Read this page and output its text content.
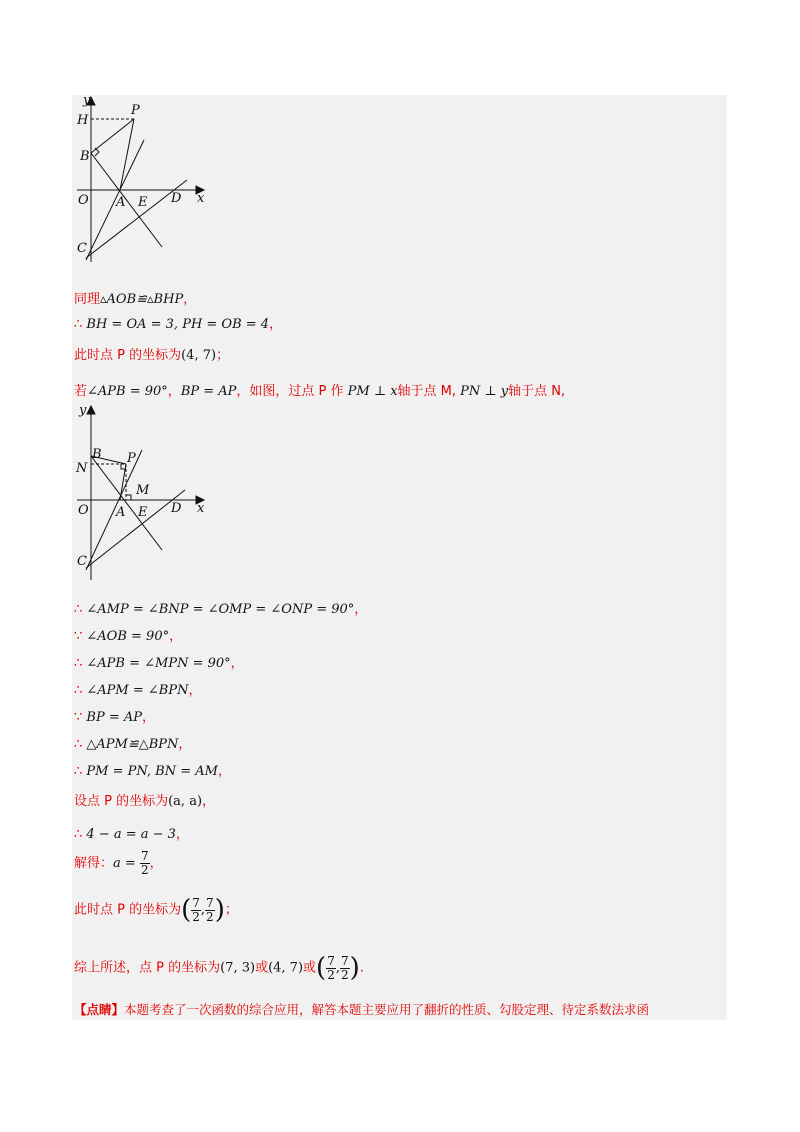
y
x
H
P
B
O A E D
C
同理▵AOB≌▵BHP，
∴ BH = OA = 3, PH = OB = 4，
此时点 P 的坐标为(4, 7)；
若∠APB = 90°，BP = AP，如图，过点 P 作 PM ⊥ x轴于点 M, PN ⊥ y轴于点 N,
y
x
N
B P
M
O A E D
C
∴ ∠AMP = ∠BNP = ∠OMP = ∠ONP = 90°，
∵ ∠AOB = 90°，
∴ ∠APB = ∠MPN = 90°，
∴ ∠APM = ∠BPN，
∵ BP = AP，
∴ △APM≌△BPN，
∴ PM = PN, BN = AM，
设点 P 的坐标为(a, a)，
∴ 4 − a = a − 3，
解得：$a = \frac{7}{2}$ ，
此时点 P 的坐标为( $\frac{7}{2}$ , $\frac{7}{2}$ )；
综上所述，点 P 的坐标为(7, 3)或(4, 7)或( $\frac{7}{2}$ , $\frac{7}{2}$ ).
【点睛】本题考查了一次函数的综合应用，解答本题主要应用了翻折的性质、勾股定理、待定系数法求函
